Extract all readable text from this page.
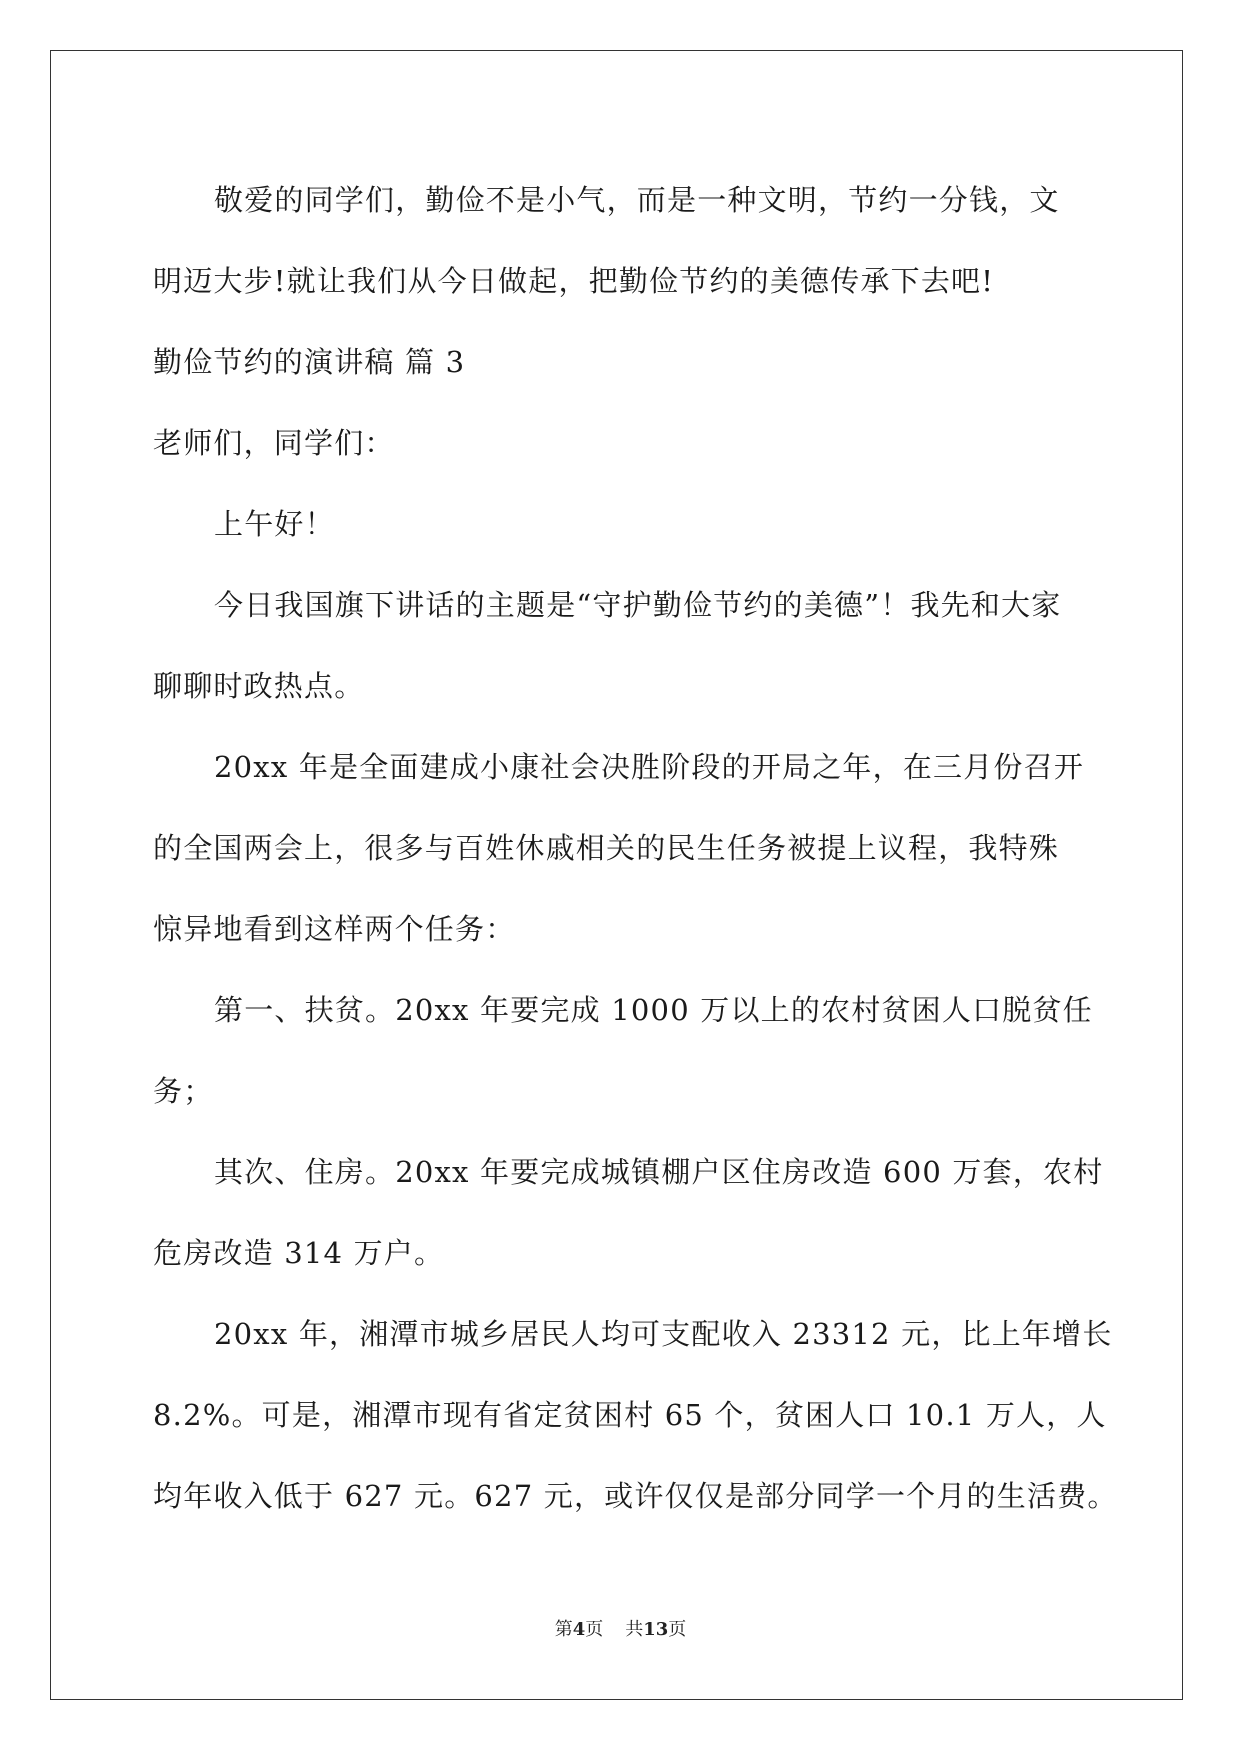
敬爱的同学们，勤俭不是小气，而是一种文明，节约一分钱，文
明迈大步!就让我们从今日做起，把勤俭节约的美德传承下去吧!
勤俭节约的演讲稿 篇 3
老师们，同学们：
上午好！
今日我国旗下讲话的主题是“守护勤俭节约的美德”！我先和大家
聊聊时政热点。
20xx 年是全面建成小康社会决胜阶段的开局之年，在三月份召开
的全国两会上，很多与百姓休戚相关的民生任务被提上议程，我特殊
惊异地看到这样两个任务：
第一、扶贫。20xx 年要完成 1000 万以上的农村贫困人口脱贫任
务；
其次、住房。20xx 年要完成城镇棚户区住房改造 600 万套，农村
危房改造 314 万户。
20xx 年，湘潭市城乡居民人均可支配收入 23312 元，比上年增长
8.2%。可是，湘潭市现有省定贫困村 65 个，贫困人口 10.1 万人，人
均年收入低于 627 元。627 元，或许仅仅是部分同学一个月的生活费。
第4页 共13页
